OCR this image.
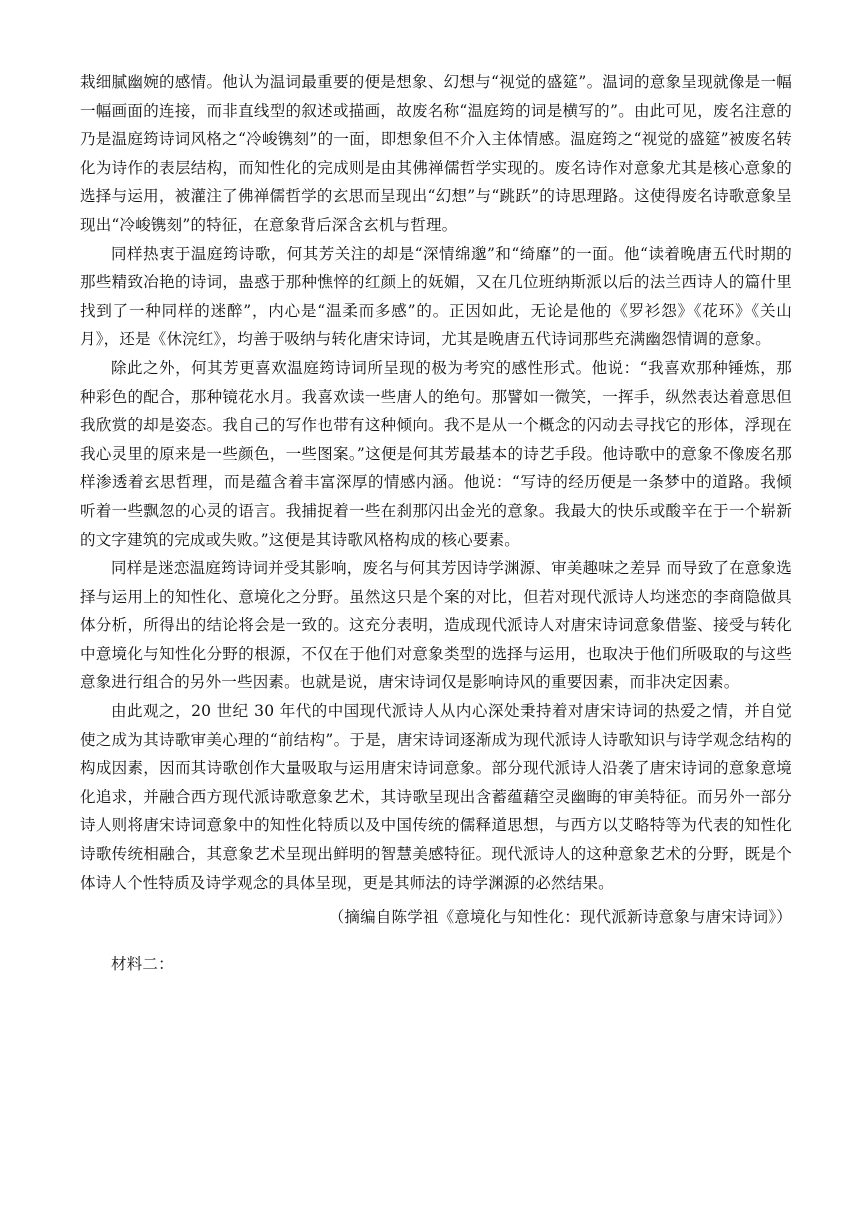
栽细腻幽婉的感情。他认为温词最重要的便是想象、幻想与“视觉的盛筵”。温词的意象呈现就像是一幅一幅画面的连接，而非直线型的叙述或描画，故废名称“温庭筠的词是横写的”。由此可见，废名注意的乃是温庭筠诗词风格之“冷峻镌刻”的一面，即想象但不介入主体情感。温庭筠之“视觉的盛筵”被废名转化为诗作的表层结构，而知性化的完成则是由其佛禅儒哲学实现的。废名诗作对意象尤其是核心意象的选择与运用，被灌注了佛禅儒哲学的玄思而呈现出“幻想”与“跳跃”的诗思理路。这使得废名诗歌意象呈现出“冷峻镌刻”的特征，在意象背后深含玄机与哲理。

同样热衷于温庭筠诗歌，何其芳关注的却是“深情绵邈”和“绮靡”的一面。他“读着晚唐五代时期的那些精致冶艳的诗词，蛊惑于那种憔悴的红颜上的妩媚，又在几位班纳斯派以后的法兰西诗人的篇什里找到了一种同样的迷醉”，内心是“温柔而多感”的。正因如此，无论是他的《罗衫怨》《花环》《关山月》，还是《休浣红》，均善于吸纳与转化唐宋诗词，尤其是晚唐五代诗词那些充满幽怨情调的意象。

除此之外，何其芳更喜欢温庭筠诗词所呈现的极为考究的感性形式。他说：“我喜欢那种锤炼，那种彩色的配合，那种镜花水月。我喜欢读一些唐人的绝句。那譬如一微笑，一挥手，纵然表达着意思但我欣赏的却是姿态。我自己的写作也带有这种倾向。我不是从一个概念的闪动去寻找它的形体，浮现在我心灵里的原来是一些颜色，一些图案。”这便是何其芳最基本的诗艺手段。他诗歌中的意象不像废名那样渗透着玄思哲理，而是蕴含着丰富深厚的情感内涵。他说：“写诗的经历便是一条梦中的道路。我倾听着一些飘忽的心灵的语言。我捕捉着一些在刹那闪出金光的意象。我最大的快乐或酸辛在于一个崭新的文字建筑的完成或失败。”这便是其诗歌风格构成的核心要素。

同样是迷恋温庭筠诗词并受其影响，废名与何其芳因诗学渊源、审美趣味之差异 而导致了在意象选择与运用上的知性化、意境化之分野。虽然这只是个案的对比，但若对现代派诗人均迷恋的李商隐做具体分析，所得出的结论将会是一致的。这充分表明，造成现代派诗人对唐宋诗词意象借鉴、接受与转化中意境化与知性化分野的根源，不仅在于他们对意象类型的选择与运用，也取决于他们所吸取的与这些意象进行组合的另外一些因素。也就是说，唐宋诗词仅是影响诗风的重要因素，而非决定因素。

由此观之，20 世纪 30 年代的中国现代派诗人从内心深处秉持着对唐宋诗词的热爱之情，并自觉使之成为其诗歌审美心理的“前结构”。于是，唐宋诗词逐渐成为现代派诗人诗歌知识与诗学观念结构的构成因素，因而其诗歌创作大量吸取与运用唐宋诗词意象。部分现代派诗人沿袭了唐宋诗词的意象意境化追求，并融合西方现代派诗歌意象艺术，其诗歌呈现出含蓄蕴藉空灵幽晦的审美特征。而另外一部分诗人则将唐宋诗词意象中的知性化特质以及中国传统的儒释道思想，与西方以艾略特等为代表的知性化诗歌传统相融合，其意象艺术呈现出鲜明的智慧美感特征。现代派诗人的这种意象艺术的分野，既是个体诗人个性特质及诗学观念的具体呈现，更是其师法的诗学渊源的必然结果。

（摘编自陈学祖《意境化与知性化：现代派新诗意象与唐宋诗词》）

材料二：
